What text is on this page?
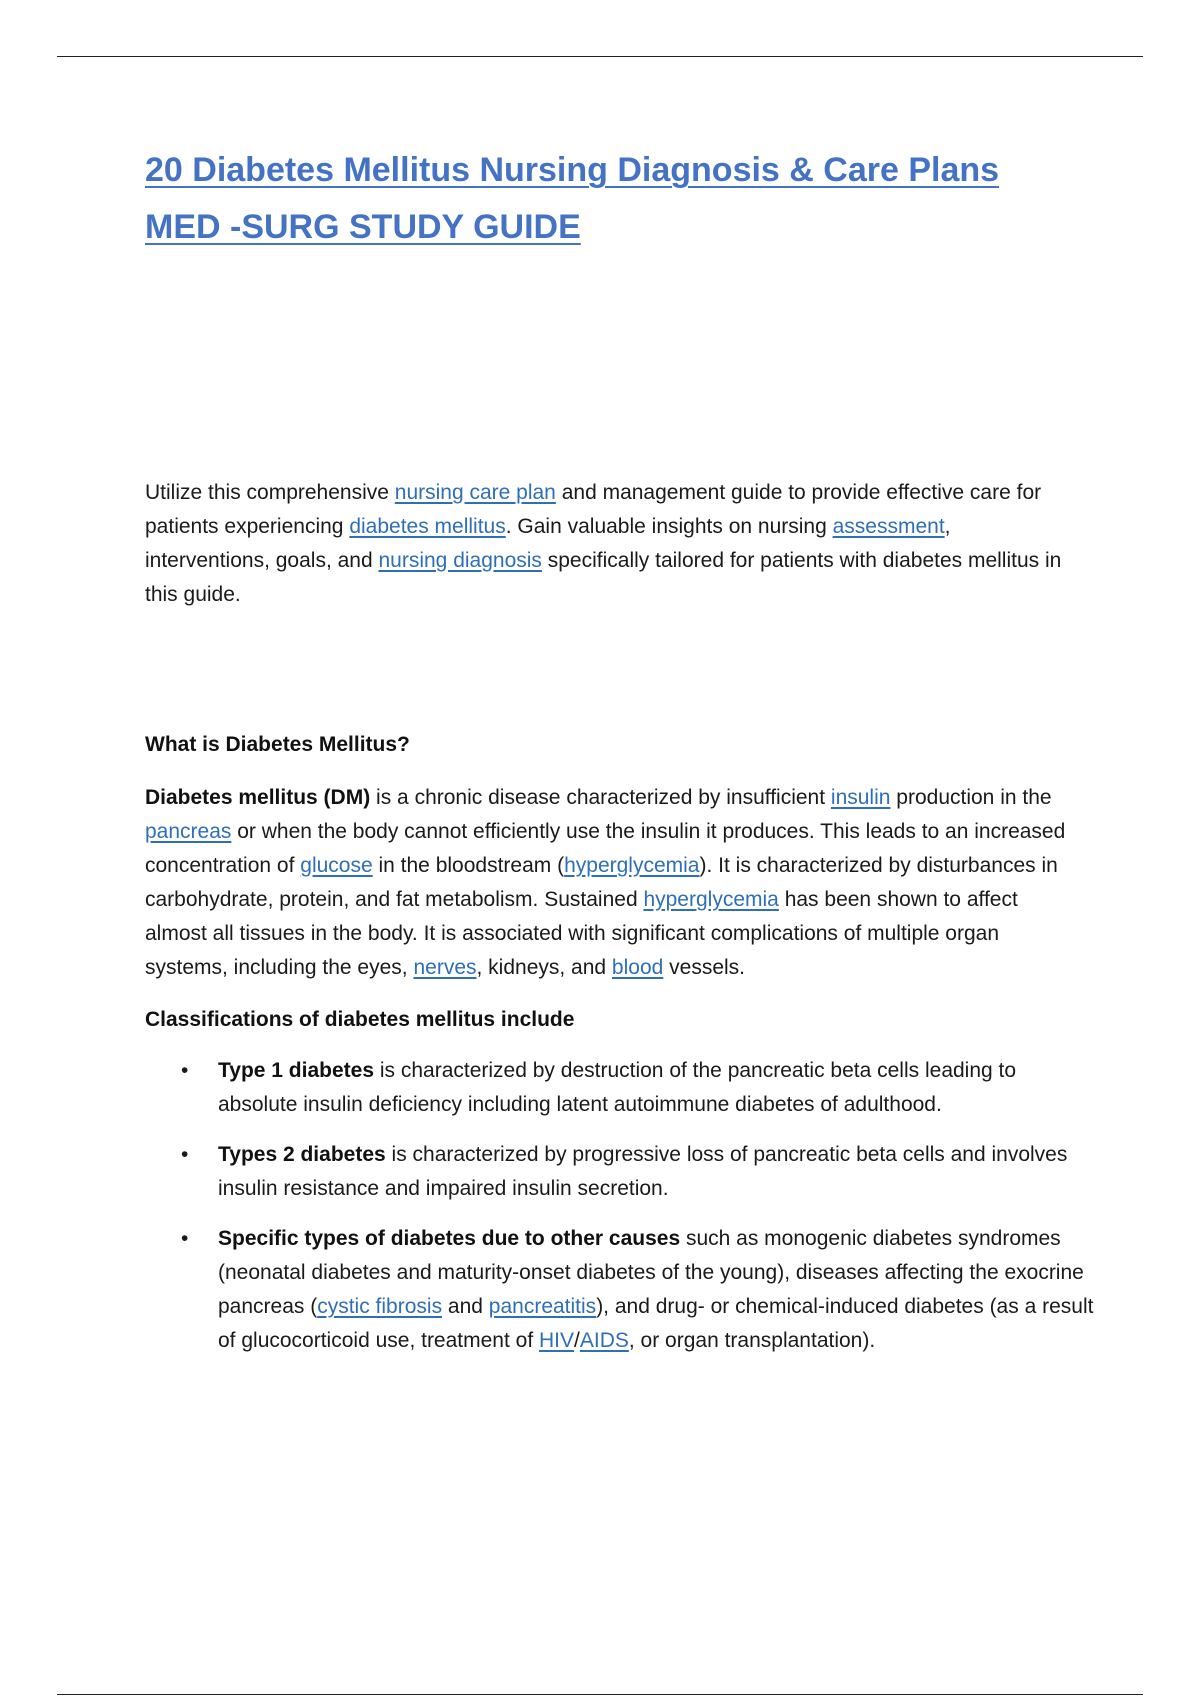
20 Diabetes Mellitus Nursing Diagnosis & Care Plans
MED -SURG STUDY GUIDE

Utilize this comprehensive nursing care plan and management guide to provide effective care for patients experiencing diabetes mellitus. Gain valuable insights on nursing assessment, interventions, goals, and nursing diagnosis specifically tailored for patients with diabetes mellitus in this guide.

What is Diabetes Mellitus?

Diabetes mellitus (DM) is a chronic disease characterized by insufficient insulin production in the pancreas or when the body cannot efficiently use the insulin it produces. This leads to an increased concentration of glucose in the bloodstream (hyperglycemia). It is characterized by disturbances in carbohydrate, protein, and fat metabolism. Sustained hyperglycemia has been shown to affect almost all tissues in the body. It is associated with significant complications of multiple organ systems, including the eyes, nerves, kidneys, and blood vessels.

Classifications of diabetes mellitus include
• Type 1 diabetes is characterized by destruction of the pancreatic beta cells leading to absolute insulin deficiency including latent autoimmune diabetes of adulthood.
• Types 2 diabetes is characterized by progressive loss of pancreatic beta cells and involves insulin resistance and impaired insulin secretion.
• Specific types of diabetes due to other causes such as monogenic diabetes syndromes (neonatal diabetes and maturity-onset diabetes of the young), diseases affecting the exocrine pancreas (cystic fibrosis and pancreatitis), and drug- or chemical-induced diabetes (as a result of glucocorticoid use, treatment of HIV/AIDS, or organ transplantation).
